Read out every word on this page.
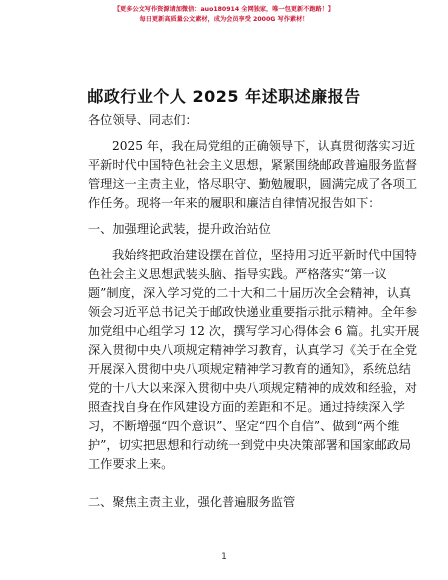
【更多公文写作资源请加微信：auo180914 全网独家，唯一包更新不跑路！】
每日更新高质量公文素材，成为会员享受 2000G 写作素材！
邮政行业个人 2025 年述职述廉报告
各位领导、同志们：
2025 年，我在局党组的正确领导下，认真贯彻落实习近
平新时代中国特色社会主义思想，紧紧围绕邮政普遍服务监督
管理这一主责主业，恪尽职守、勤勉履职，圆满完成了各项工
作任务。现将一年来的履职和廉洁自律情况报告如下：
一、加强理论武装，提升政治站位
我始终把政治建设摆在首位，坚持用习近平新时代中国特
色社会主义思想武装头脑、指导实践。严格落实“第一议
题”制度，深入学习党的二十大和二十届历次全会精神，认真
领会习近平总书记关于邮政快递业重要指示批示精神。全年参
加党组中心组学习 12 次，撰写学习心得体会 6 篇。扎实开展
深入贯彻中央八项规定精神学习教育，认真学习《关于在全党
开展深入贯彻中央八项规定精神学习教育的通知》，系统总结
党的十八大以来深入贯彻中央八项规定精神的成效和经验，对
照查找自身在作风建设方面的差距和不足。通过持续深入学
习，不断增强“四个意识”、坚定“四个自信”、做到“两个维
护”，切实把思想和行动统一到党中央决策部署和国家邮政局
工作要求上来。
二、聚焦主责主业，强化普遍服务监管
1
